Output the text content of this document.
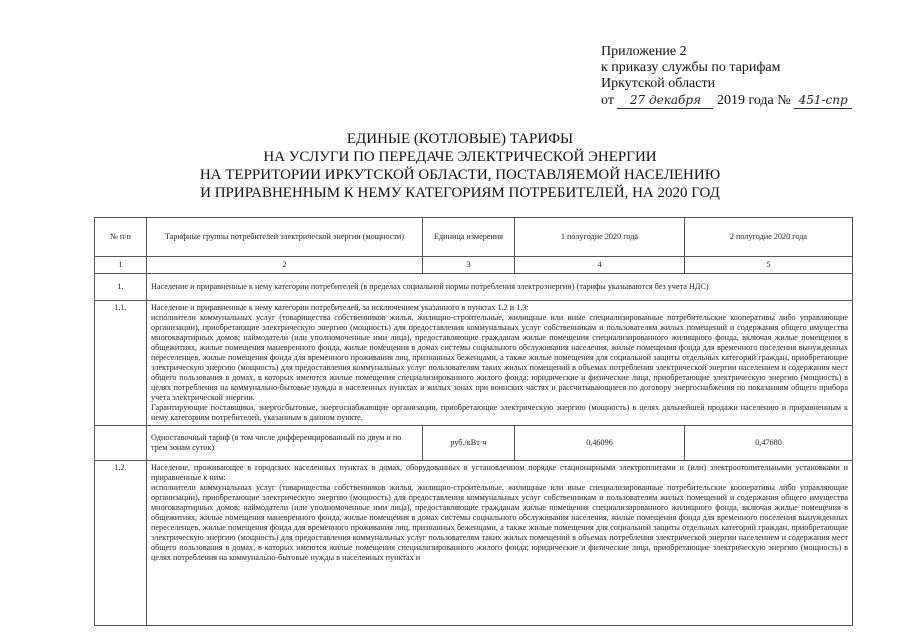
Приложение 2
к приказу службы по тарифам
Иркутской области
от 27 декабря 2019 года № 451-спр
ЕДИНЫЕ (КОТЛОВЫЕ) ТАРИФЫ
НА УСЛУГИ ПО ПЕРЕДАЧЕ ЭЛЕКТРИЧЕСКОЙ ЭНЕРГИИ
НА ТЕРРИТОРИИ ИРКУТСКОЙ ОБЛАСТИ, ПОСТАВЛЯЕМОЙ НАСЕЛЕНИЮ
И ПРИРАВНЕННЫМ К НЕМУ КАТЕГОРИЯМ ПОТРЕБИТЕЛЕЙ, НА 2020 ГОД
№ п/п	Тарифные группы потребителей электрической энергии (мощности)	Единица измерения	1 полугодие 2020 года	2 полугодие 2020 года
1	2	3	4	5
1.	Население и приравненные к нему категории потребителей (в пределах социальной нормы потребления электроэнергии) (тарифы указываются без учета НДС)			
1.1.	Население и приравненные к нему категории потребителей, за исключением указанного в пунктах 1.2 и 1.3:
исполнители коммунальных услуг (товарищества собственников жилья, жилищно-строительные, жилищные или иные специализированные потребительские кооперативы либо управляющие организации), приобретающие электрическую энергию (мощность) для предоставления коммунальных услуг собственникам и пользователям жилых помещений и содержания общего имущества многоквартирных домов; наймодатели (или уполномоченные ими лица), предоставляющие гражданам жилые помещения специализированного жилищного фонда, включая жилые помещения в общежитиях, жилые помещения маневренного фонда, жилые помещения в домах системы социального обслуживания населения, жилые помещения фонда для временного поселения вынужденных переселенцев, жилые помещения фонда для временного проживания лиц, признанных беженцами, а также жилые помещения для социальной защиты отдельных категорий граждан, приобретающие электрическую энергию (мощность) для предоставления коммунальных услуг пользователям таких жилых помещений в объемах потребления электрической энергии населением и содержания мест общего пользования в домах, в которых имеются жилые помещения специализированного жилого фонда; юридические и физические лица, приобретающие электрическую энергию (мощность) в целях потребления на коммунально-бытовые нужды в населенных пунктах и жилых зонах при воинских частях и рассчитывающиеся по договору энергоснабжения по показаниям общего прибора учета электрической энергии.
Гарантирующие поставщики, энергосбытовые, энергоснабжающие организации, приобретающие электрическую энергию (мощность) в целях дальнейшей продажи населению и приравненным к нему категориям потребителей, указанным в данном пункте.			

	Одноставочный тариф (в том числе дифференцированный по двум и по трем зонам суток)	руб./кВт·ч	0,46096	0,47680
1.2.	Население, проживающее в городских населенных пунктах в домах, оборудованных в установленном порядке стационарными электроплитами и (или) электроотопительными установками и приравненные к ним:
исполнители коммунальных услуг (товарищества собственников жилья, жилищно-строительные, жилищные или иные специализированные потребительские кооперативы либо управляющие организации), приобретающие электрическую энергию (мощность) для предоставления коммунальных услуг собственникам и пользователям жилых помещений и содержания общего имущества многоквартирных домов; наймодатели (или уполномоченные ими лица), предоставляющие гражданам жилые помещения специализированного жилищного фонда, включая жилые помещения в общежитиях, жилые помещения маневренного фонда, жилые помещения в домах системы социального обслуживания населения, жилые помещения фонда для временного поселения вынужденных переселенцев, жилые помещения фонда для временного проживания лиц, признанных беженцами, а также жилые помещения для социальной защиты отдельных категорий граждан, приобретающие электрическую энергию (мощность) для предоставления коммунальных услуг пользователям таких жилых помещений в объемах потребления электрической энергии населением и содержания мест общего пользования в домах, в которых имеются жилые помещения специализированного жилого фонда; юридические и физические лица, приобретающие электрическую энергию (мощность) в целях потребления на коммунально-бытовые нужды в населенных пунктах и			
